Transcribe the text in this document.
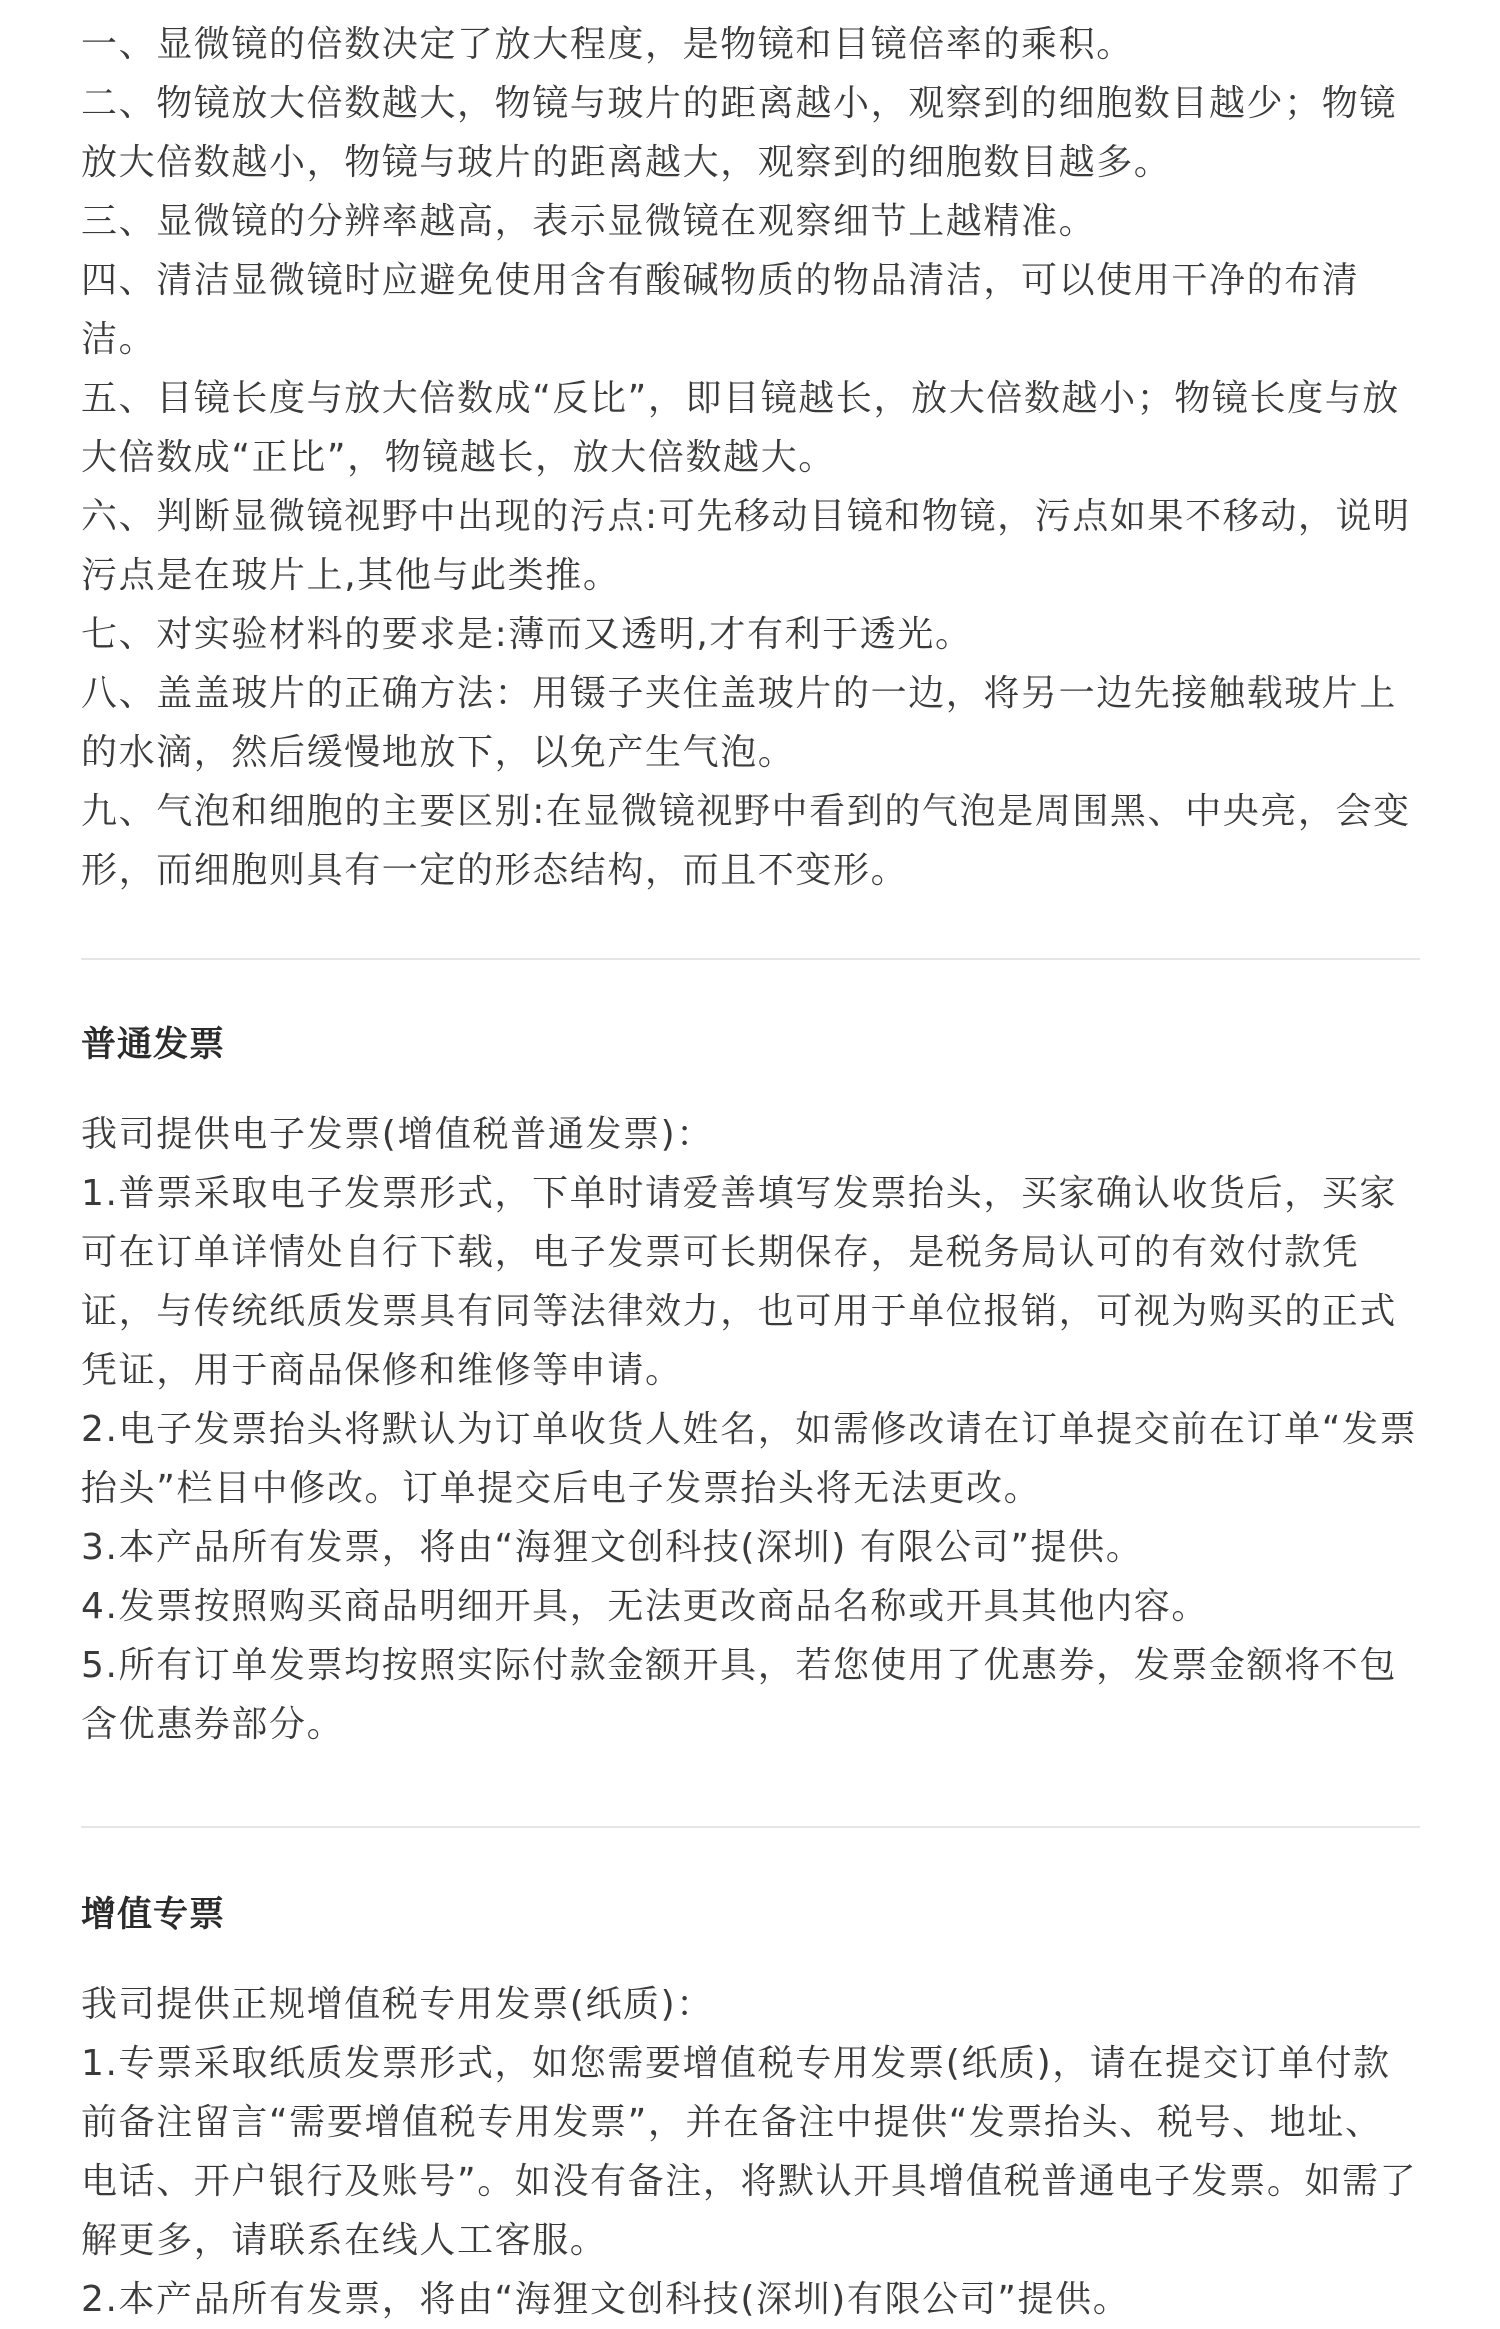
一、显微镜的倍数决定了放大程度，是物镜和目镜倍率的乘积。

二、物镜放大倍数越大，物镜与玻片的距离越小，观察到的细胞数目越少；物镜放大倍数越小，物镜与玻片的距离越大，观察到的细胞数目越多。

三、显微镜的分辨率越高，表示显微镜在观察细节上越精准。

四、清洁显微镜时应避免使用含有酸碱物质的物品清洁，可以使用干净的布清洁。

五、目镜长度与放大倍数成“反比”，即目镜越长，放大倍数越小；物镜长度与放大倍数成“正比”，物镜越长，放大倍数越大。

六、判断显微镜视野中出现的污点:可先移动目镜和物镜，污点如果不移动，说明污点是在玻片上,其他与此类推。

七、对实验材料的要求是:薄而又透明,才有利于透光。

八、盖盖玻片的正确方法：用镊子夹住盖玻片的一边，将另一边先接触载玻片上的水滴，然后缓慢地放下，以免产生气泡。

九、气泡和细胞的主要区别:在显微镜视野中看到的气泡是周围黑、中央亮，会变形，而细胞则具有一定的形态结构，而且不变形。

普通发票

我司提供电子发票(增值税普通发票)：

1.普票采取电子发票形式，下单时请爱善填写发票抬头，买家确认收货后，买家可在订单详情处自行下载，电子发票可长期保存，是税务局认可的有效付款凭证，与传统纸质发票具有同等法律效力，也可用于单位报销，可视为购买的正式凭证，用于商品保修和维修等申请。

2.电子发票抬头将默认为订单收货人姓名，如需修改请在订单提交前在订单“发票抬头”栏目中修改。订单提交后电子发票抬头将无法更改。

3.本产品所有发票，将由“海狸文创科技(深圳) 有限公司”提供。

4.发票按照购买商品明细开具，无法更改商品名称或开具其他内容。

5.所有订单发票均按照实际付款金额开具，若您使用了优惠券，发票金额将不包含优惠券部分。

增值专票

我司提供正规增值税专用发票(纸质)：

1.专票采取纸质发票形式，如您需要增值税专用发票(纸质)，请在提交订单付款前备注留言“需要增值税专用发票”，并在备注中提供“发票抬头、税号、地址、电话、开户银行及账号”。如没有备注，将默认开具增值税普通电子发票。如需了解更多，请联系在线人工客服。

2.本产品所有发票，将由“海狸文创科技(深圳)有限公司”提供。
